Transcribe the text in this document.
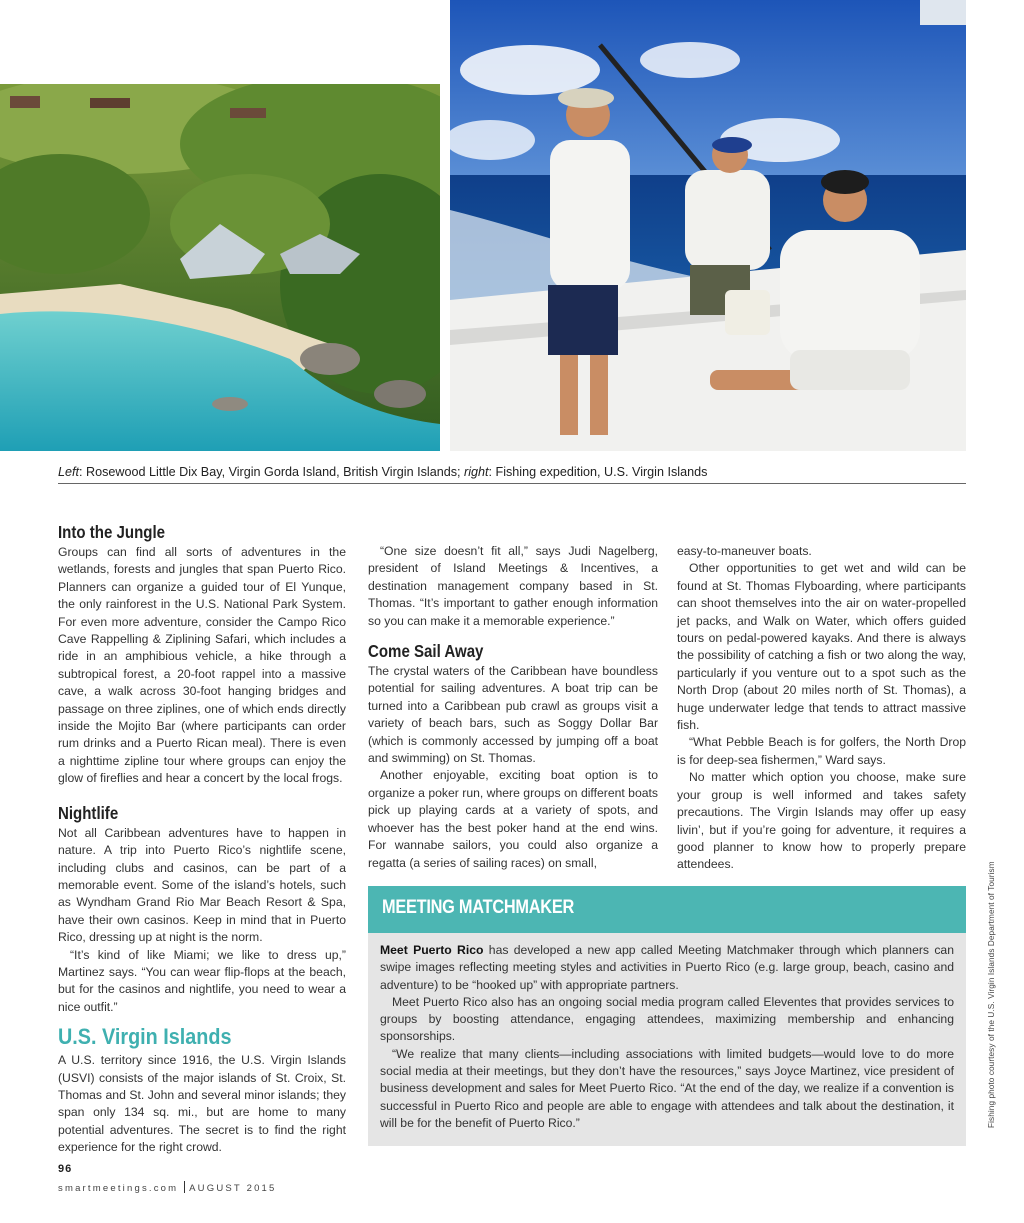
Left: Rosewood Little Dix Bay, Virgin Gorda Island, British Virgin Islands; right: Fishing expedition, U.S. Virgin Islands
Into the Jungle

Groups can find all sorts of adventures in the wetlands, forests and jungles that span Puerto Rico. Planners can organize a guided tour of El Yunque, the only rainforest in the U.S. National Park System. For even more adventure, consider the Campo Rico Cave Rappelling & Ziplining Safari, which includes a ride in an amphibious vehicle, a hike through a subtropical forest, a 20-foot rappel into a massive cave, a walk across 30-foot hanging bridges and passage on three ziplines, one of which ends directly inside the Mojito Bar (where participants can order rum drinks and a Puerto Rican meal). There is even a nighttime zipline tour where groups can enjoy the glow of fireflies and hear a concert by the local frogs.

Nightlife

Not all Caribbean adventures have to happen in nature. A trip into Puerto Rico’s nightlife scene, including clubs and casinos, can be part of a memorable event. Some of the island’s hotels, such as Wyndham Grand Rio Mar Beach Resort & Spa, have their own casinos. Keep in mind that in Puerto Rico, dressing up at night is the norm.

“It’s kind of like Miami; we like to dress up,” Martinez says. “You can wear flip-flops at the beach, but for the casinos and nightlife, you need to wear a nice outfit.”

U.S. Virgin Islands

A U.S. territory since 1916, the U.S. Virgin Islands (USVI) consists of the major islands of St. Croix, St. Thomas and St. John and several minor islands; they span only 134 sq. mi., but are home to many potential adventures. The secret is to find the right experience for the right crowd.

“One size doesn’t fit all,” says Judi Nagelberg, president of Island Meetings & Incentives, a destination management company based in St. Thomas. “It’s important to gather enough information so you can make it a memorable experience.”

Come Sail Away

The crystal waters of the Caribbean have boundless potential for sailing adventures. A boat trip can be turned into a Caribbean pub crawl as groups visit a variety of beach bars, such as Soggy Dollar Bar (which is commonly accessed by jumping off a boat and swimming) on St. Thomas.

Another enjoyable, exciting boat option is to organize a poker run, where groups on different boats pick up playing cards at a variety of spots, and whoever has the best poker hand at the end wins. For wannabe sailors, you could also organize a regatta (a series of sailing races) on small,

easy-to-maneuver boats.

Other opportunities to get wet and wild can be found at St. Thomas Flyboarding, where participants can shoot themselves into the air on water-propelled jet packs, and Walk on Water, which offers guided tours on pedal-powered kayaks. And there is always the possibility of catching a fish or two along the way, particularly if you venture out to a spot such as the North Drop (about 20 miles north of St. Thomas), a huge underwater ledge that tends to attract massive fish.

“What Pebble Beach is for golfers, the North Drop is for deep-sea fishermen,” Ward says.

No matter which option you choose, make sure your group is well informed and takes safety precautions. The Virgin Islands may offer up easy livin’, but if you’re going for adventure, it requires a good planner to know how to properly prepare attendees.

MEETING MATCHMAKER

Meet Puerto Rico has developed a new app called Meeting Matchmaker through which planners can swipe images reflecting meeting styles and activities in Puerto Rico (e.g. large group, beach, casino and adventure) to be “hooked up” with appropriate partners.

Meet Puerto Rico also has an ongoing social media program called Eleventes that provides services to groups by boosting attendance, engaging attendees, maximizing membership and enhancing sponsorships.

“We realize that many clients—including associations with limited budgets—would love to do more social media at their meetings, but they don’t have the resources,” says Joyce Martinez, vice president of business development and sales for Meet Puerto Rico. “At the end of the day, we realize if a convention is successful in Puerto Rico and people are able to engage with attendees and talk about the destination, it will be for the benefit of Puerto Rico.”	Fishing photo courtesy of the U.S. Virgin Islands Department of Tourism
96
smartmeetings.com AUGUST 2015
